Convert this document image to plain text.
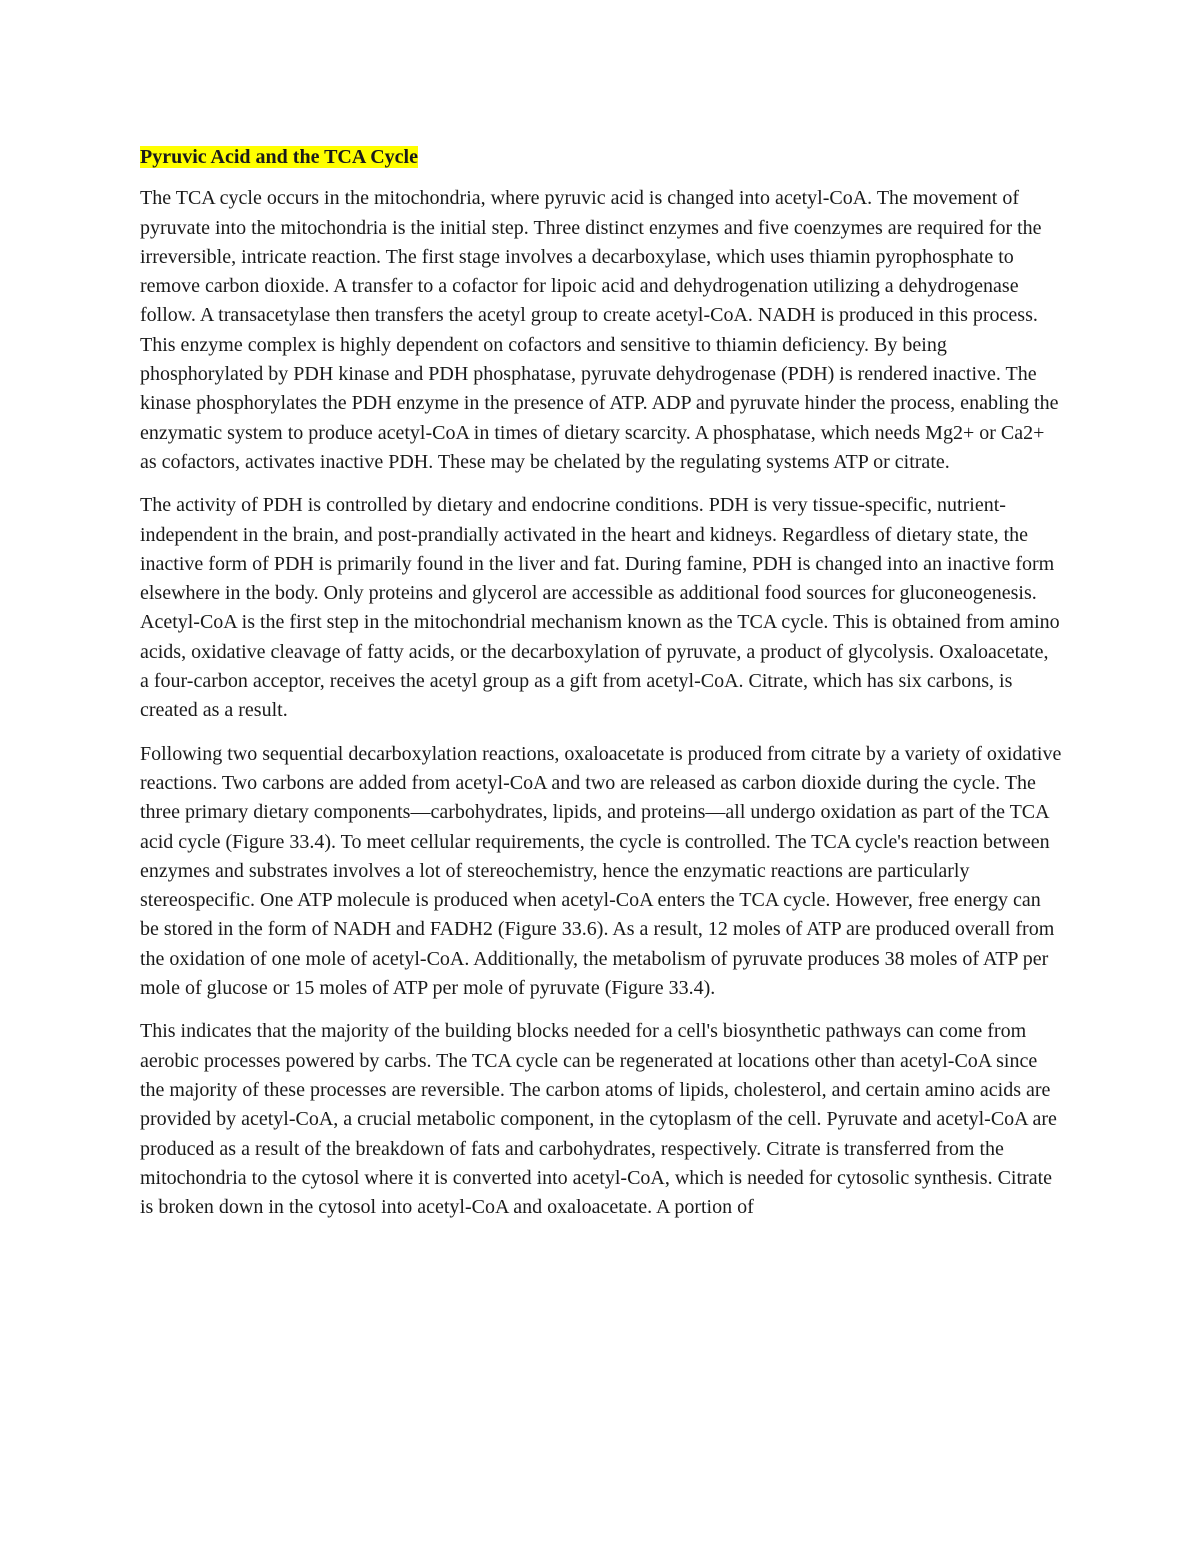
Pyruvic Acid and the TCA Cycle

The TCA cycle occurs in the mitochondria, where pyruvic acid is changed into acetyl-CoA. The movement of pyruvate into the mitochondria is the initial step. Three distinct enzymes and five coenzymes are required for the irreversible, intricate reaction. The first stage involves a decarboxylase, which uses thiamin pyrophosphate to remove carbon dioxide. A transfer to a cofactor for lipoic acid and dehydrogenation utilizing a dehydrogenase follow. A transacetylase then transfers the acetyl group to create acetyl-CoA. NADH is produced in this process. This enzyme complex is highly dependent on cofactors and sensitive to thiamin deficiency. By being phosphorylated by PDH kinase and PDH phosphatase, pyruvate dehydrogenase (PDH) is rendered inactive. The kinase phosphorylates the PDH enzyme in the presence of ATP. ADP and pyruvate hinder the process, enabling the enzymatic system to produce acetyl-CoA in times of dietary scarcity. A phosphatase, which needs Mg2+ or Ca2+ as cofactors, activates inactive PDH. These may be chelated by the regulating systems ATP or citrate.

The activity of PDH is controlled by dietary and endocrine conditions. PDH is very tissue-specific, nutrient-independent in the brain, and post-prandially activated in the heart and kidneys. Regardless of dietary state, the inactive form of PDH is primarily found in the liver and fat. During famine, PDH is changed into an inactive form elsewhere in the body. Only proteins and glycerol are accessible as additional food sources for gluconeogenesis. Acetyl-CoA is the first step in the mitochondrial mechanism known as the TCA cycle. This is obtained from amino acids, oxidative cleavage of fatty acids, or the decarboxylation of pyruvate, a product of glycolysis. Oxaloacetate, a four-carbon acceptor, receives the acetyl group as a gift from acetyl-CoA. Citrate, which has six carbons, is created as a result.

Following two sequential decarboxylation reactions, oxaloacetate is produced from citrate by a variety of oxidative reactions. Two carbons are added from acetyl-CoA and two are released as carbon dioxide during the cycle. The three primary dietary components—carbohydrates, lipids, and proteins—all undergo oxidation as part of the TCA acid cycle (Figure 33.4). To meet cellular requirements, the cycle is controlled. The TCA cycle's reaction between enzymes and substrates involves a lot of stereochemistry, hence the enzymatic reactions are particularly stereospecific. One ATP molecule is produced when acetyl-CoA enters the TCA cycle. However, free energy can be stored in the form of NADH and FADH2 (Figure 33.6). As a result, 12 moles of ATP are produced overall from the oxidation of one mole of acetyl-CoA. Additionally, the metabolism of pyruvate produces 38 moles of ATP per mole of glucose or 15 moles of ATP per mole of pyruvate (Figure 33.4).

This indicates that the majority of the building blocks needed for a cell's biosynthetic pathways can come from aerobic processes powered by carbs. The TCA cycle can be regenerated at locations other than acetyl-CoA since the majority of these processes are reversible. The carbon atoms of lipids, cholesterol, and certain amino acids are provided by acetyl-CoA, a crucial metabolic component, in the cytoplasm of the cell. Pyruvate and acetyl-CoA are produced as a result of the breakdown of fats and carbohydrates, respectively. Citrate is transferred from the mitochondria to the cytosol where it is converted into acetyl-CoA, which is needed for cytosolic synthesis. Citrate is broken down in the cytosol into acetyl-CoA and oxaloacetate. A portion of
